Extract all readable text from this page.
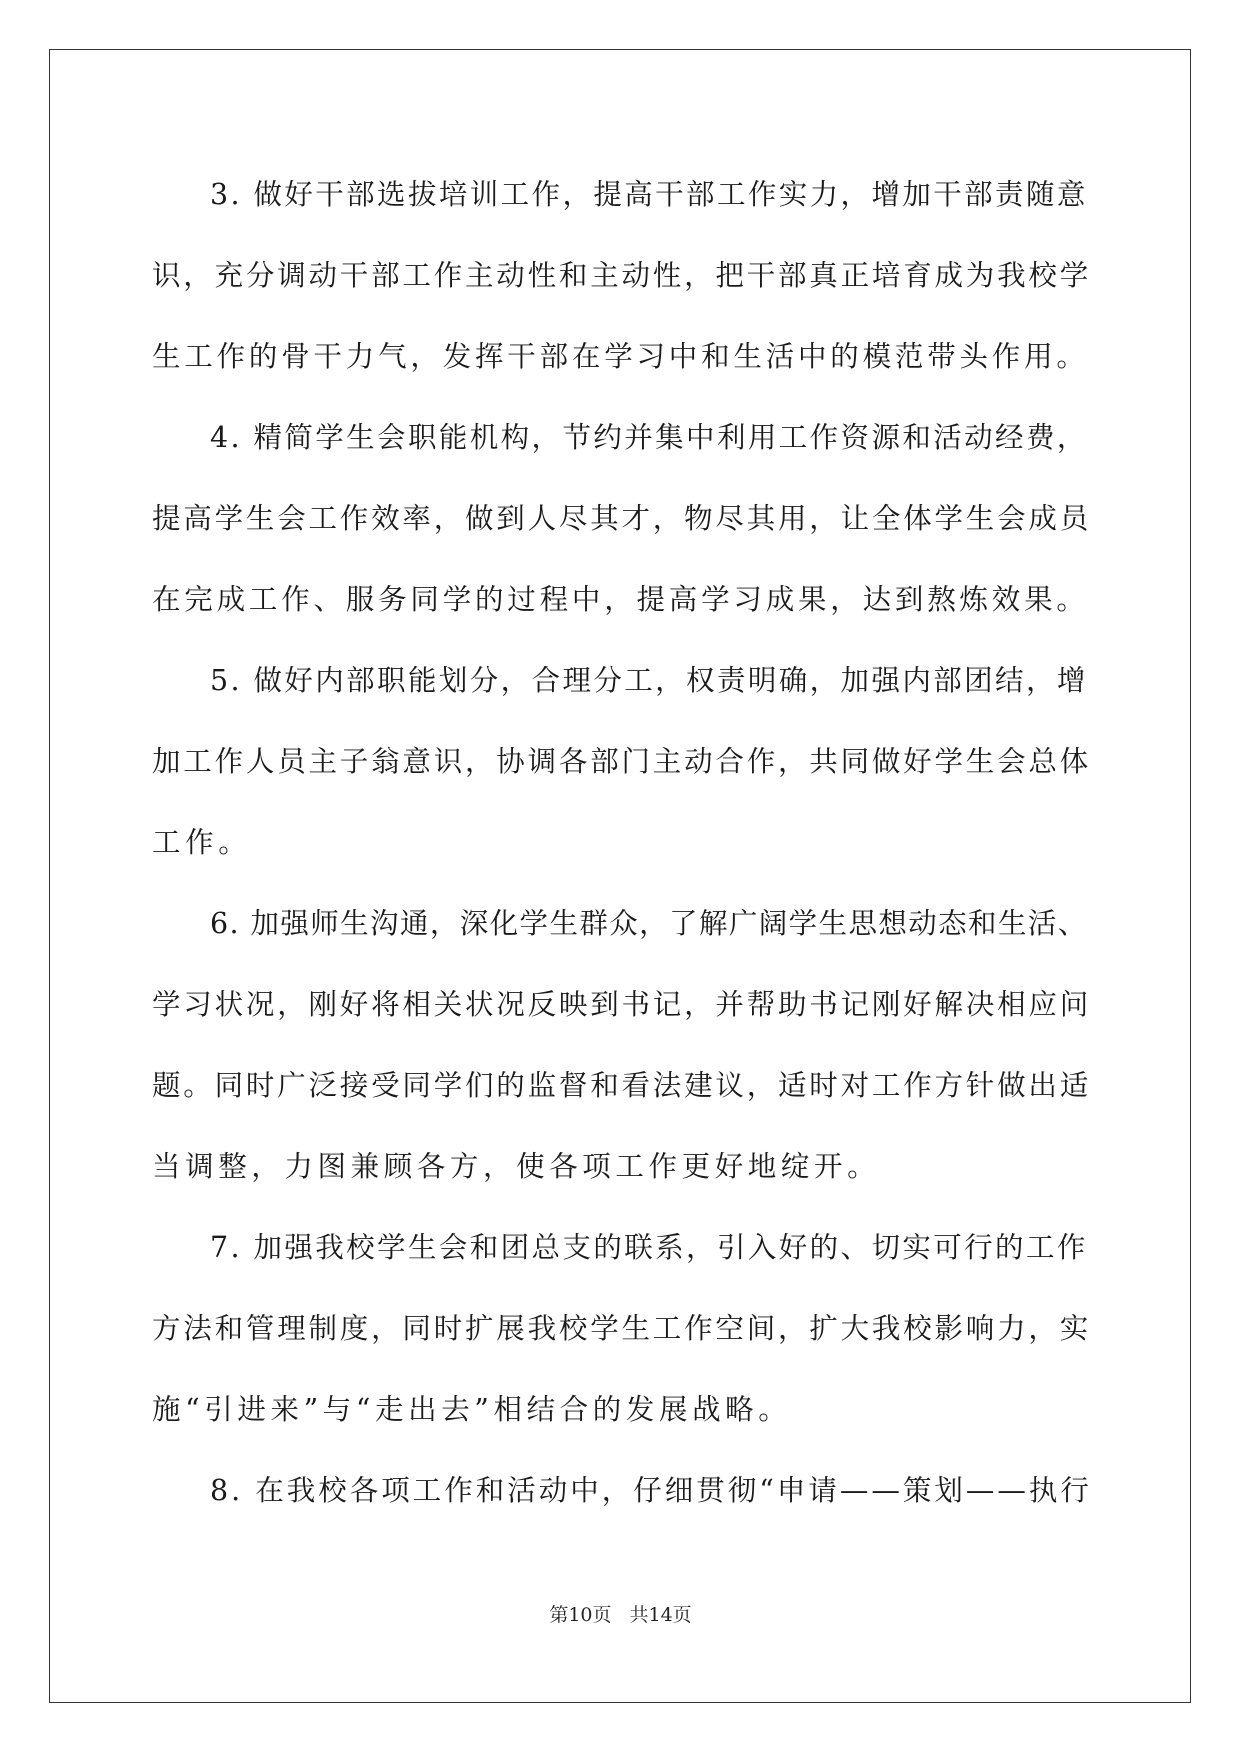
3. 做好干部选拔培训工作，提高干部工作实力，增加干部责随意
识，充分调动干部工作主动性和主动性，把干部真正培育成为我校学
生工作的骨干力气，发挥干部在学习中和生活中的模范带头作用。
4. 精简学生会职能机构，节约并集中利用工作资源和活动经费，
提高学生会工作效率，做到人尽其才，物尽其用，让全体学生会成员
在完成工作、服务同学的过程中，提高学习成果，达到熬炼效果。
5. 做好内部职能划分，合理分工，权责明确，加强内部团结，增
加工作人员主子翁意识，协调各部门主动合作，共同做好学生会总体
工作。
6. 加强师生沟通，深化学生群众，了解广阔学生思想动态和生活、
学习状况，刚好将相关状况反映到书记，并帮助书记刚好解决相应问
题。同时广泛接受同学们的监督和看法建议，适时对工作方针做出适
当调整，力图兼顾各方，使各项工作更好地绽开。
7. 加强我校学生会和团总支的联系，引入好的、切实可行的工作
方法和管理制度，同时扩展我校学生工作空间，扩大我校影响力，实
施“引进来”与“走出去”相结合的发展战略。
8. 在我校各项工作和活动中，仔细贯彻“申请——策划——执行
第10页 共14页
